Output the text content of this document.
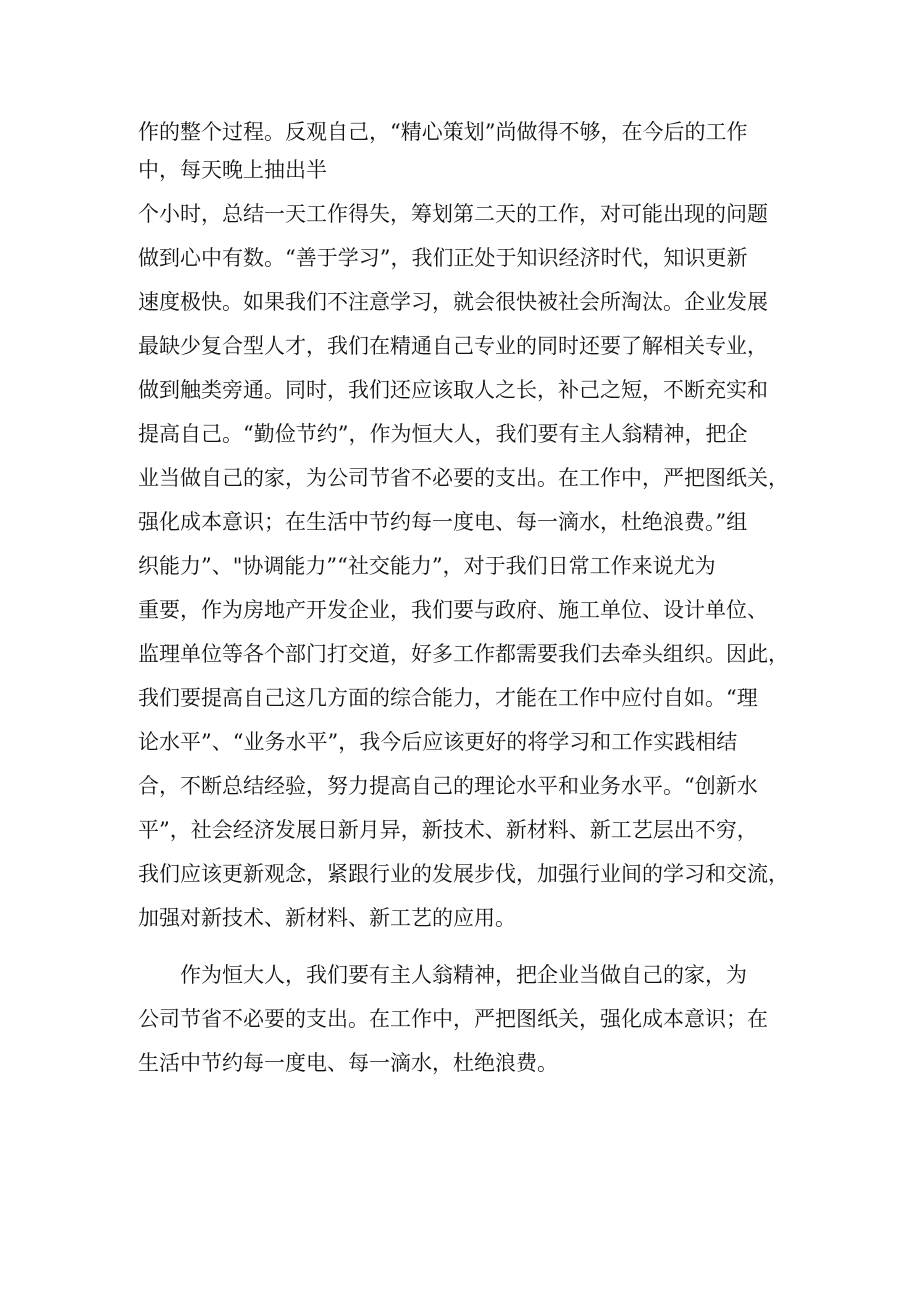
作的整个过程。反观自己，“精心策划”尚做得不够，在今后的工作
中，每天晚上抽出半
个小时，总结一天工作得失，筹划第二天的工作，对可能出现的问题
做到心中有数。“善于学习”，我们正处于知识经济时代，知识更新
速度极快。如果我们不注意学习，就会很快被社会所淘汰。企业发展
最缺少复合型人才，我们在精通自己专业的同时还要了解相关专业，
做到触类旁通。同时，我们还应该取人之长，补己之短，不断充实和
提高自己。“勤俭节约”，作为恒大人，我们要有主人翁精神，把企
业当做自己的家，为公司节省不必要的支出。在工作中，严把图纸关，
强化成本意识；在生活中节约每一度电、每一滴水，杜绝浪费。”组
织能力”、"协调能力”“社交能力”，对于我们日常工作来说尤为
重要，作为房地产开发企业，我们要与政府、施工单位、设计单位、
监理单位等各个部门打交道，好多工作都需要我们去牵头组织。因此，
我们要提高自己这几方面的综合能力，才能在工作中应付自如。“理
论水平”、“业务水平”，我今后应该更好的将学习和工作实践相结
合，不断总结经验，努力提高自己的理论水平和业务水平。“创新水
平”，社会经济发展日新月异，新技术、新材料、新工艺层出不穷，
我们应该更新观念，紧跟行业的发展步伐，加强行业间的学习和交流，
加强对新技术、新材料、新工艺的应用。
作为恒大人，我们要有主人翁精神，把企业当做自己的家，为
公司节省不必要的支出。在工作中，严把图纸关，强化成本意识；在
生活中节约每一度电、每一滴水，杜绝浪费。
